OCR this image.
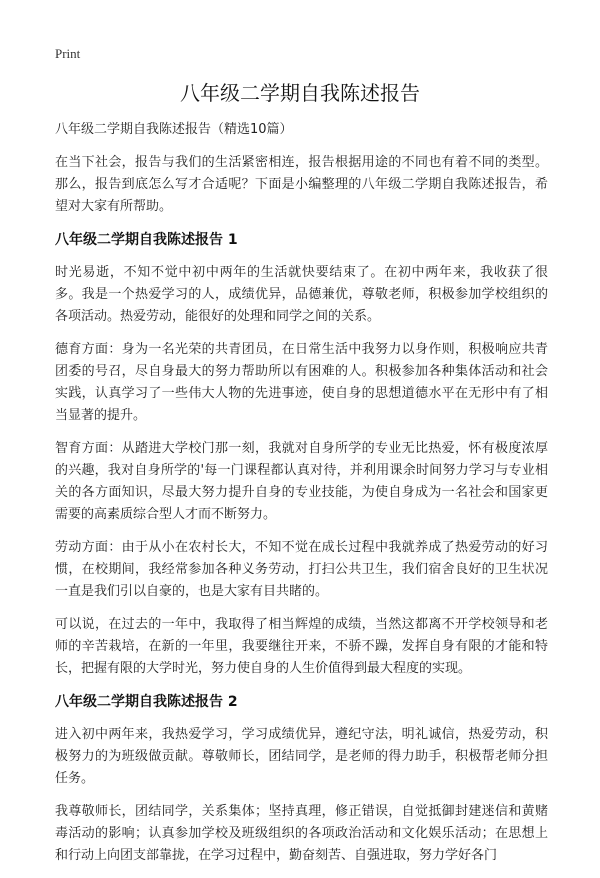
Print
八年级二学期自我陈述报告

八年级二学期自我陈述报告（精选10篇）

在当下社会，报告与我们的生活紧密相连，报告根据用途的不同也有着不同的类型。那么，报告到底怎么写才合适呢？下面是小编整理的八年级二学期自我陈述报告，希望对大家有所帮助。

八年级二学期自我陈述报告 1

时光易逝，不知不觉中初中两年的生活就快要结束了。在初中两年来，我收获了很多。我是一个热爱学习的人，成绩优异，品德兼优，尊敬老师，积极参加学校组织的各项活动。热爱劳动，能很好的处理和同学之间的关系。

德育方面：身为一名光荣的共青团员，在日常生活中我努力以身作则，积极响应共青团委的号召，尽自身最大的努力帮助所以有困难的人。积极参加各种集体活动和社会实践，认真学习了一些伟大人物的先进事迹，使自身的思想道德水平在无形中有了相当显著的提升。

智育方面：从踏进大学校门那一刻，我就对自身所学的专业无比热爱，怀有极度浓厚的兴趣，我对自身所学的'每一门课程都认真对待，并利用课余时间努力学习与专业相关的各方面知识，尽最大努力提升自身的专业技能，为使自身成为一名社会和国家更需要的高素质综合型人才而不断努力。

劳动方面：由于从小在农村长大，不知不觉在成长过程中我就养成了热爱劳动的好习惯，在校期间，我经常参加各种义务劳动，打扫公共卫生，我们宿舍良好的卫生状况一直是我们引以自豪的，也是大家有目共睹的。

可以说，在过去的一年中，我取得了相当辉煌的成绩，当然这都离不开学校领导和老师的辛苦栽培，在新的一年里，我要继往开来，不骄不躁，发挥自身有限的才能和特长，把握有限的大学时光，努力使自身的人生价值得到最大程度的实现。

八年级二学期自我陈述报告 2

进入初中两年来，我热爱学习，学习成绩优异，遵纪守法，明礼诚信，热爱劳动，积极努力的为班级做贡献。尊敬师长，团结同学，是老师的得力助手，积极帮老师分担任务。

我尊敬师长，团结同学，关系集体；坚持真理，修正错误，自觉抵御封建迷信和黄赌毒活动的影响；认真参加学校及班级组织的各项政治活动和文化娱乐活动；在思想上和行动上向团支部靠拢，在学习过程中，勤奋刻苦、自强进取，努力学好各门
